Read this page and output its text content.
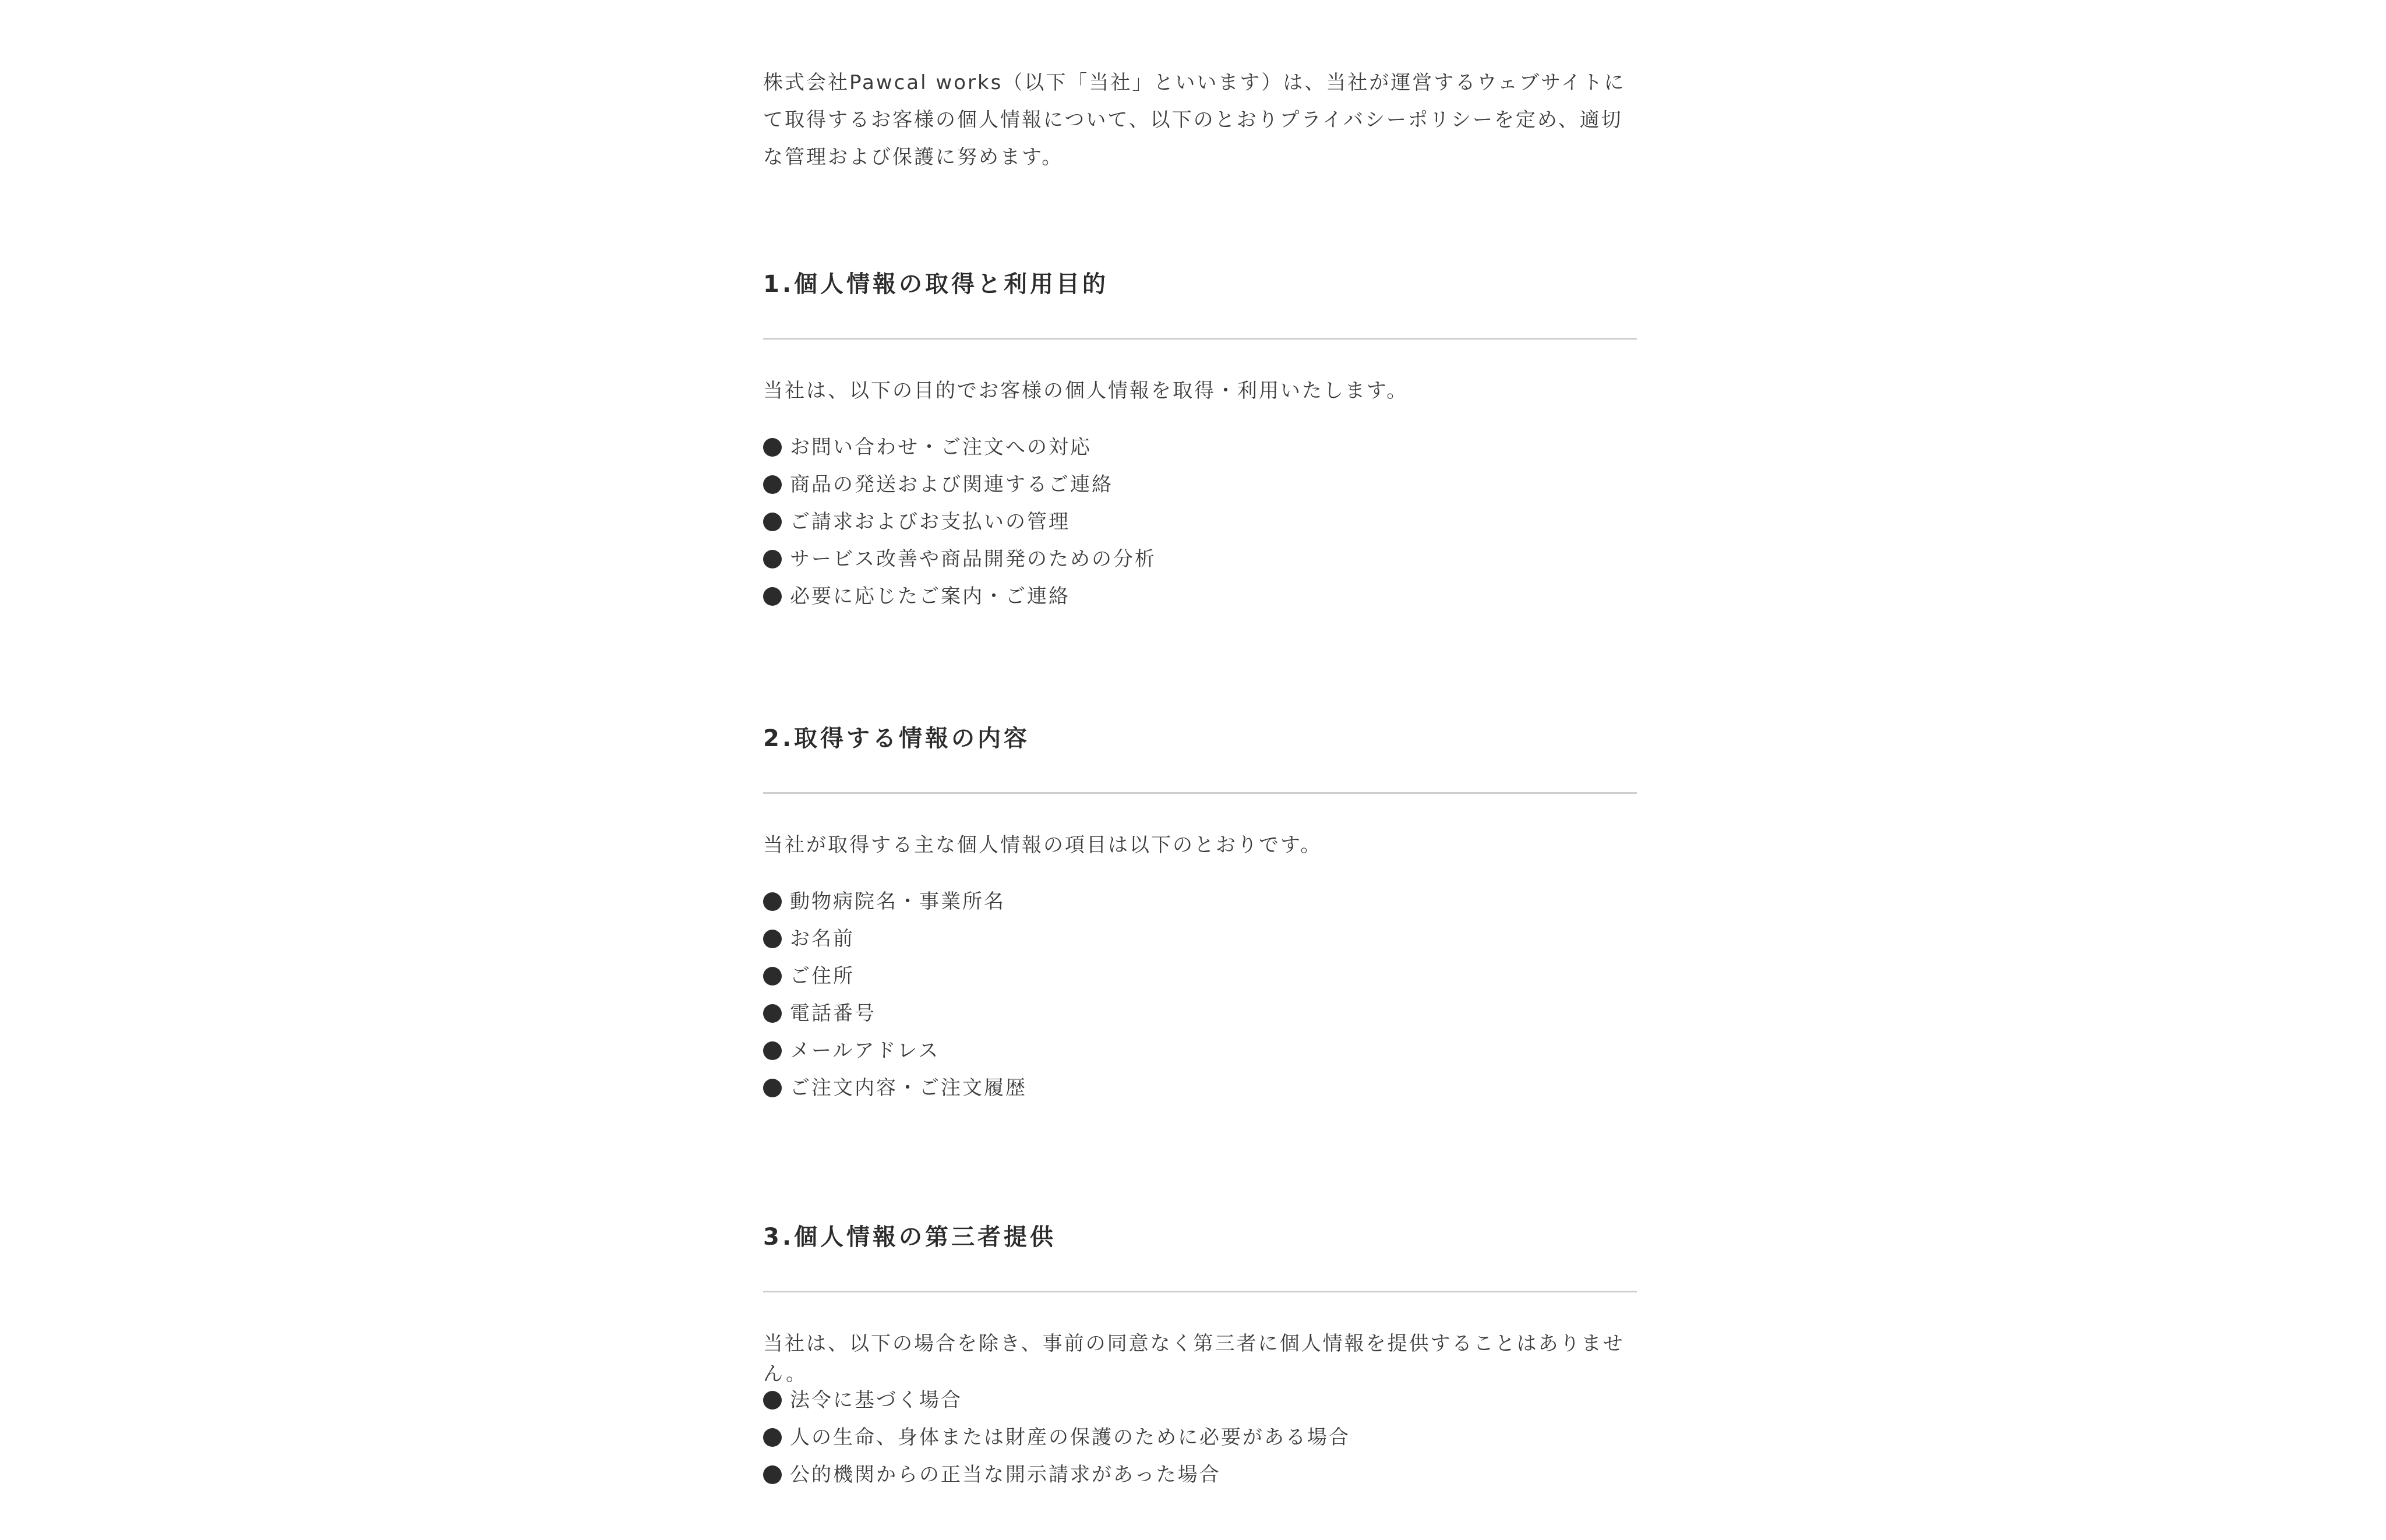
株式会社Pawcal works（以下「当社」といいます）は、当社が運営するウェブサイトにて取得するお客様の個人情報について、以下のとおりプライバシーポリシーを定め、適切な管理および保護に努めます。

1.個人情報の取得と利用目的

当社は、以下の目的でお客様の個人情報を取得・利用いたします。

お問い合わせ・ご注文への対応
商品の発送および関連するご連絡
ご請求およびお支払いの管理
サービス改善や商品開発のための分析
必要に応じたご案内・ご連絡
2.取得する情報の内容

当社が取得する主な個人情報の項目は以下のとおりです。

動物病院名・事業所名
お名前
ご住所
電話番号
メールアドレス
ご注文内容・ご注文履歴
3.個人情報の第三者提供

当社は、以下の場合を除き、事前の同意なく第三者に個人情報を提供することはありません。

法令に基づく場合
人の生命、身体または財産の保護のために必要がある場合
公的機関からの正当な開示請求があった場合
